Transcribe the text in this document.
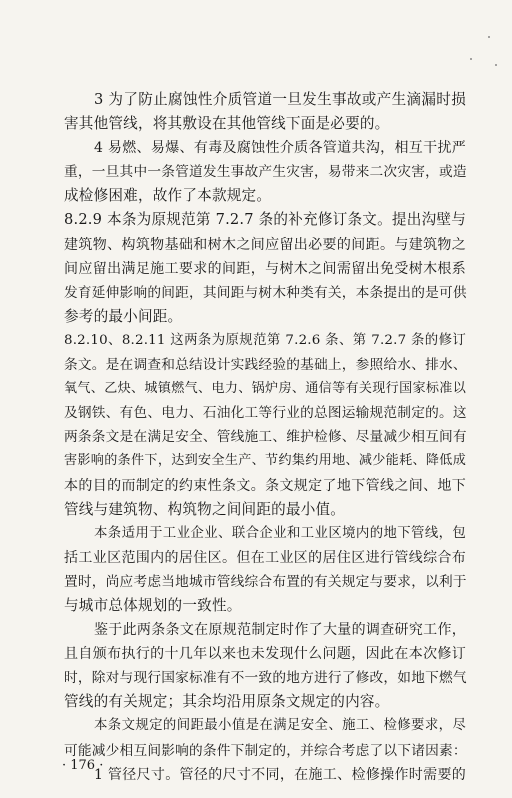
3 为了防止腐蚀性介质管道一旦发生事故或产生滴漏时损
害其他管线，将其敷设在其他管线下面是必要的。
4 易燃、易爆、有毒及腐蚀性介质各管道共沟，相互干扰严
重，一旦其中一条管道发生事故产生灾害，易带来二次灾害，或造
成检修困难，故作了本款规定。
8.2.9 本条为原规范第 7.2.7 条的补充修订条文。提出沟壁与
建筑物、构筑物基础和树木之间应留出必要的间距。与建筑物之
间应留出满足施工要求的间距，与树木之间需留出免受树木根系
发育延伸影响的间距，其间距与树木种类有关，本条提出的是可供
参考的最小间距。
8.2.10、8.2.11 这两条为原规范第 7.2.6 条、第 7.2.7 条的修订
条文。是在调查和总结设计实践经验的基础上，参照给水、排水、
氧气、乙炔、城镇燃气、电力、锅炉房、通信等有关现行国家标准以
及钢铁、有色、电力、石油化工等行业的总图运输规范制定的。这
两条条文是在满足安全、管线施工、维护检修、尽量减少相互间有
害影响的条件下，达到安全生产、节约集约用地、减少能耗、降低成
本的目的而制定的约束性条文。条文规定了地下管线之间、地下
管线与建筑物、构筑物之间间距的最小值。
本条适用于工业企业、联合企业和工业区境内的地下管线，包
括工业区范围内的居住区。但在工业区的居住区进行管线综合布
置时，尚应考虑当地城市管线综合布置的有关规定与要求，以利于
与城市总体规划的一致性。
鉴于此两条条文在原规范制定时作了大量的调查研究工作，
且自颁布执行的十几年以来也未发现什么问题，因此在本次修订
时，除对与现行国家标准有不一致的地方进行了修改，如地下燃气
管线的有关规定；其余均沿用原条文规定的内容。
本条文规定的间距最小值是在满足安全、施工、检修要求，尽
可能减少相互间影响的条件下制定的，并综合考虑了以下诸因素：
1 管径尺寸。管径的尺寸不同，在施工、检修操作时需要的
· 176 ·
